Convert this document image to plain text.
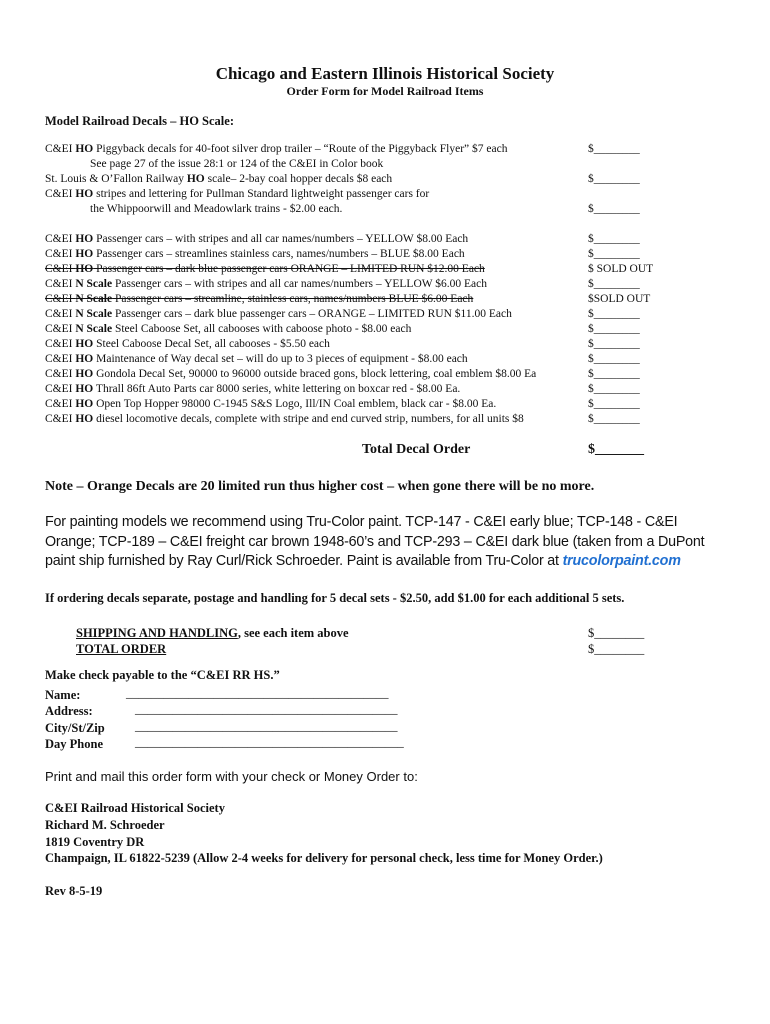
Chicago and Eastern Illinois Historical Society
Order Form for Model Railroad Items
Model Railroad Decals – HO Scale:
C&EI HO Piggyback decals for 40-foot silver drop trailer – “Route of the Piggyback Flyer” $7 each	$________
See page 27 of the issue 28:1 or 124 of the C&EI in Color book
St. Louis & O’Fallon Railway HO scale– 2-bay coal hopper decals $8 each	$________
C&EI HO stripes and lettering for Pullman Standard lightweight passenger cars for
the Whippoorwill and Meadowlark trains - $2.00 each.	$________
C&EI HO Passenger cars – with stripes and all car names/numbers – YELLOW $8.00 Each	$________
C&EI HO Passenger cars – streamlines stainless cars, names/numbers – BLUE $8.00 Each	$________
C&EI HO Passenger cars – dark blue passenger cars ORANGE – LIMITED RUN $12.00 Each	$ SOLD OUT
C&EI N Scale Passenger cars – with stripes and all car names/numbers – YELLOW $6.00 Each	$________
C&EI N Scale Passenger cars – streamline, stainless cars, names/numbers BLUE $6.00 Each	$SOLD OUT
C&EI N Scale Passenger cars – dark blue passenger cars – ORANGE – LIMITED RUN $11.00 Each	$________
C&EI N Scale Steel Caboose Set, all cabooses with caboose photo - $8.00 each	$________
C&EI HO Steel Caboose Decal Set, all cabooses - $5.50 each	$________
C&EI HO Maintenance of Way decal set – will do up to 3 pieces of equipment - $8.00 each	$________
C&EI HO Gondola Decal Set, 90000 to 96000 outside braced gons, block lettering, coal emblem $8.00 Ea	$________
C&EI HO Thrall 86ft Auto Parts car 8000 series, white lettering on boxcar red - $8.00 Ea.	$________
C&EI HO Open Top Hopper 98000 C-1945 S&S Logo, Ill/IN Coal emblem, black car - $8.00 Ea.	$________
C&EI HO diesel locomotive decals, complete with stripe and end curved strip, numbers, for all units $8	$________
Total Decal Order	$_______
Note – Orange Decals are 20 limited run thus higher cost – when gone there will be no more.
For painting models we recommend using Tru-Color paint. TCP-147 - C&EI early blue; TCP-148 - C&EI Orange; TCP-189 – C&EI freight car brown 1948-60’s and TCP-293 – C&EI dark blue (taken from a DuPont paint ship furnished by Ray Curl/Rick Schroeder. Paint is available from Tru-Color at trucolorpaint.com
If ordering decals separate, postage and handling for 5 decal sets - $2.50, add $1.00 for each additional 5 sets.
SHIPPING AND HANDLING, see each item above	$________
TOTAL ORDER	$________
Make check payable to the “C&EI RR HS.”
Name:	__________________________________________
Address:	__________________________________________
City/St/Zip __________________________________________
Day Phone	___________________________________________
Print and mail this order form with your check or Money Order to:
C&EI Railroad Historical Society
Richard M. Schroeder
1819 Coventry DR
Champaign, IL 61822-5239 (Allow 2-4 weeks for delivery for personal check, less time for Money Order.)
Rev 8-5-19
